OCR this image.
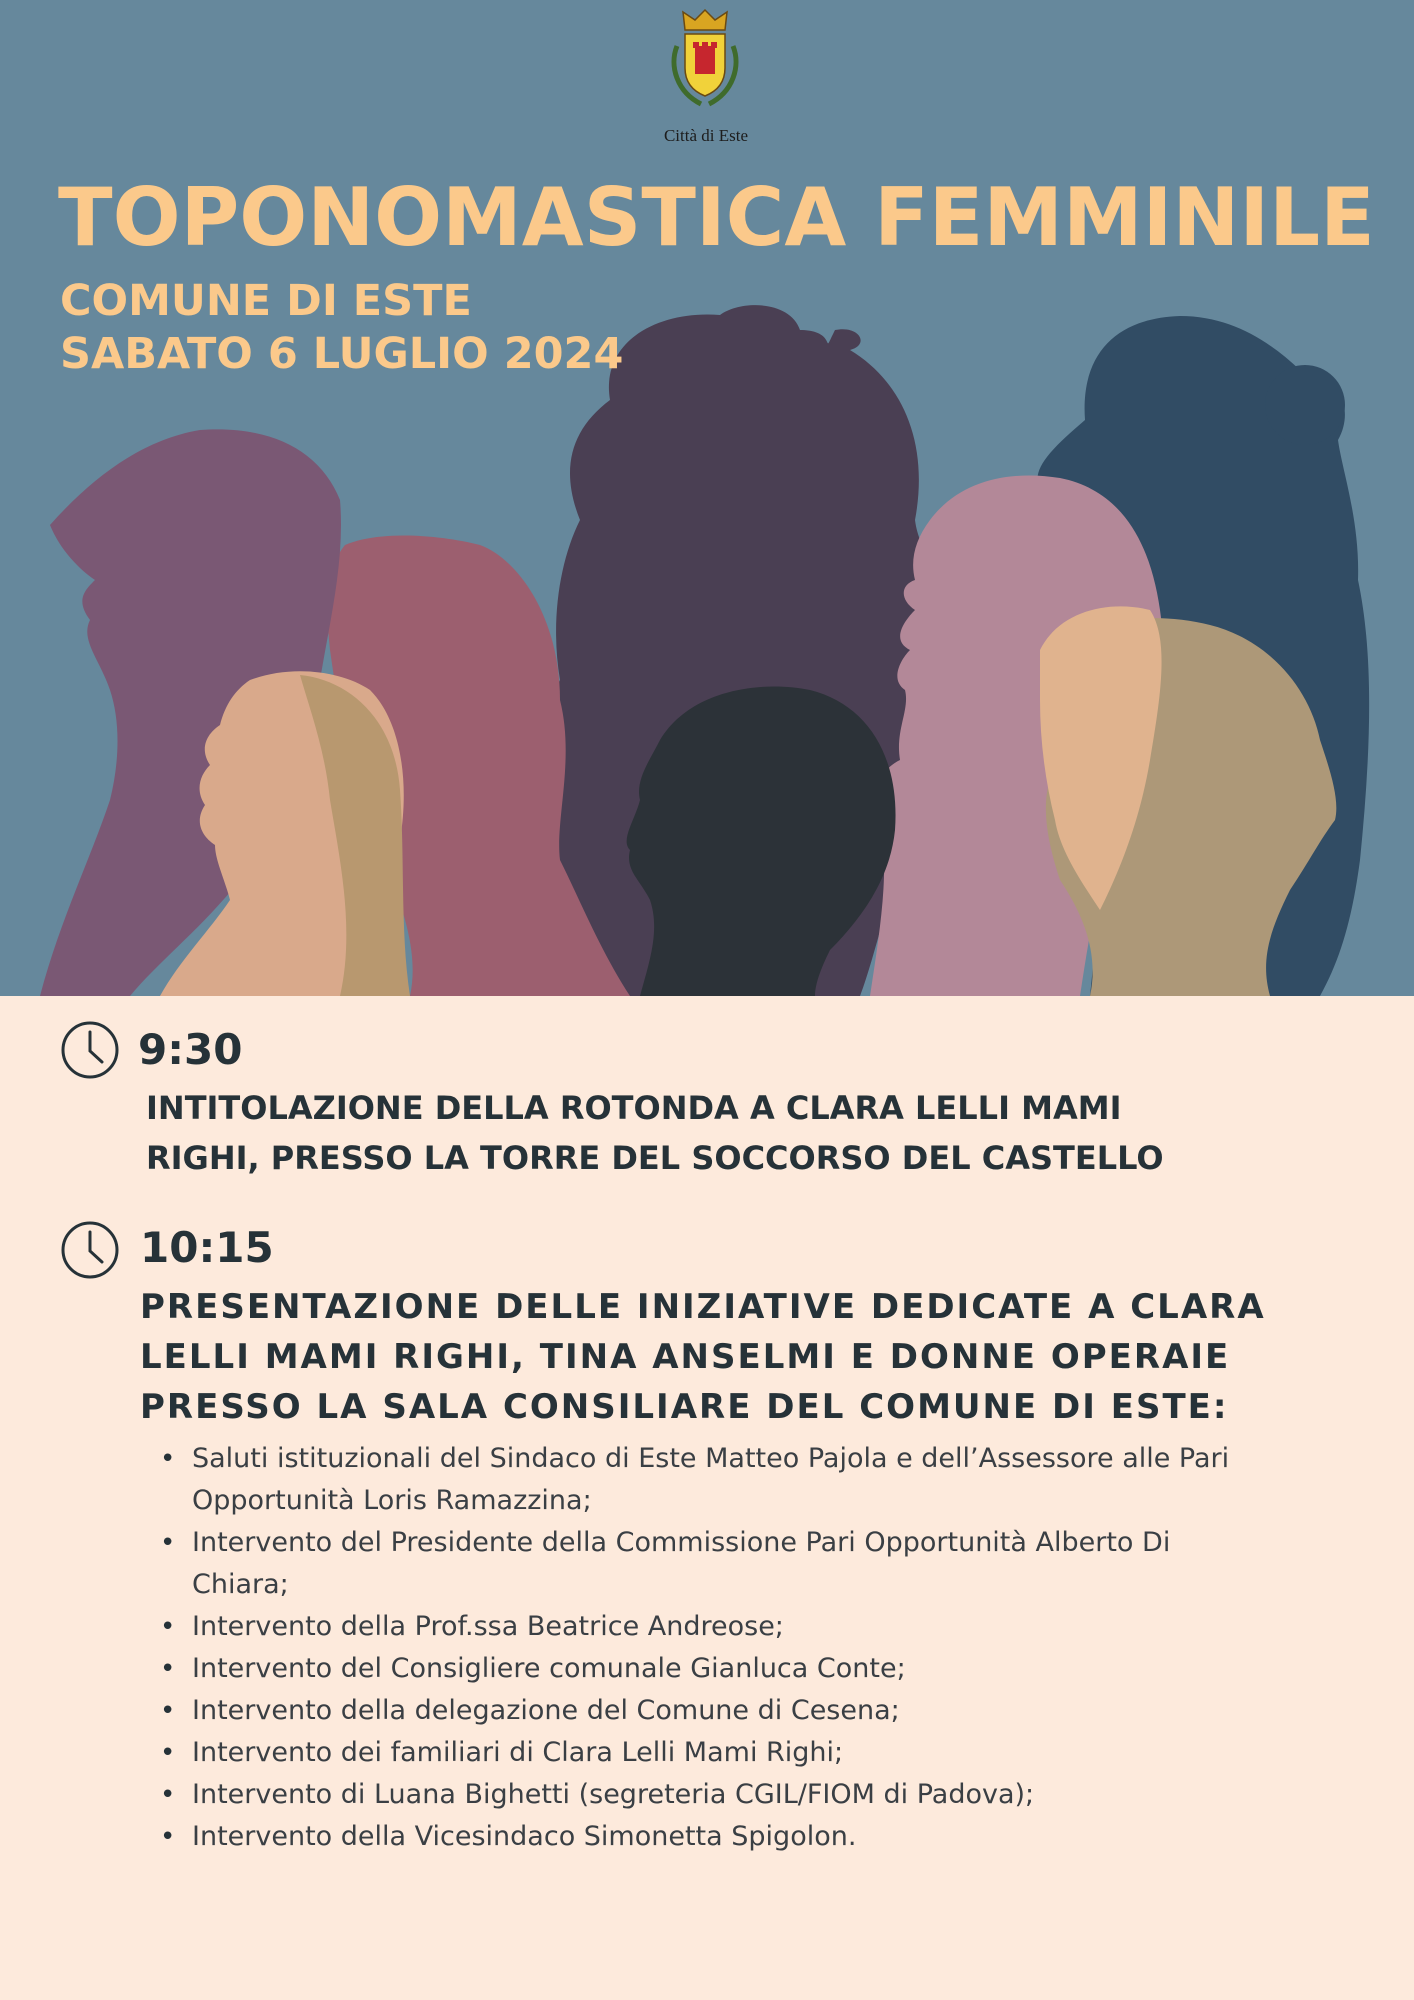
Città di Este
TOPONOMASTICA FEMMINILE
COMUNE DI ESTE
SABATO 6 LUGLIO 2024
9:30
INTITOLAZIONE DELLA ROTONDA A CLARA LELLI MAMI
RIGHI, PRESSO LA TORRE DEL SOCCORSO DEL CASTELLO
10:15
PRESENTAZIONE DELLE INIZIATIVE DEDICATE A CLARA
LELLI MAMI RIGHI, TINA ANSELMI E DONNE OPERAIE
PRESSO LA SALA CONSILIARE DEL COMUNE DI ESTE:
• Saluti istituzionali del Sindaco di Este Matteo Pajola e dell’Assessore alle Pari Opportunità Loris Ramazzina;
• Intervento del Presidente della Commissione Pari Opportunità Alberto Di Chiara;
• Intervento della Prof.ssa Beatrice Andreose;
• Intervento del Consigliere comunale Gianluca Conte;
• Intervento della delegazione del Comune di Cesena;
• Intervento dei familiari di Clara Lelli Mami Righi;
• Intervento di Luana Bighetti (segreteria CGIL/FIOM di Padova);
• Intervento della Vicesindaco Simonetta Spigolon.
